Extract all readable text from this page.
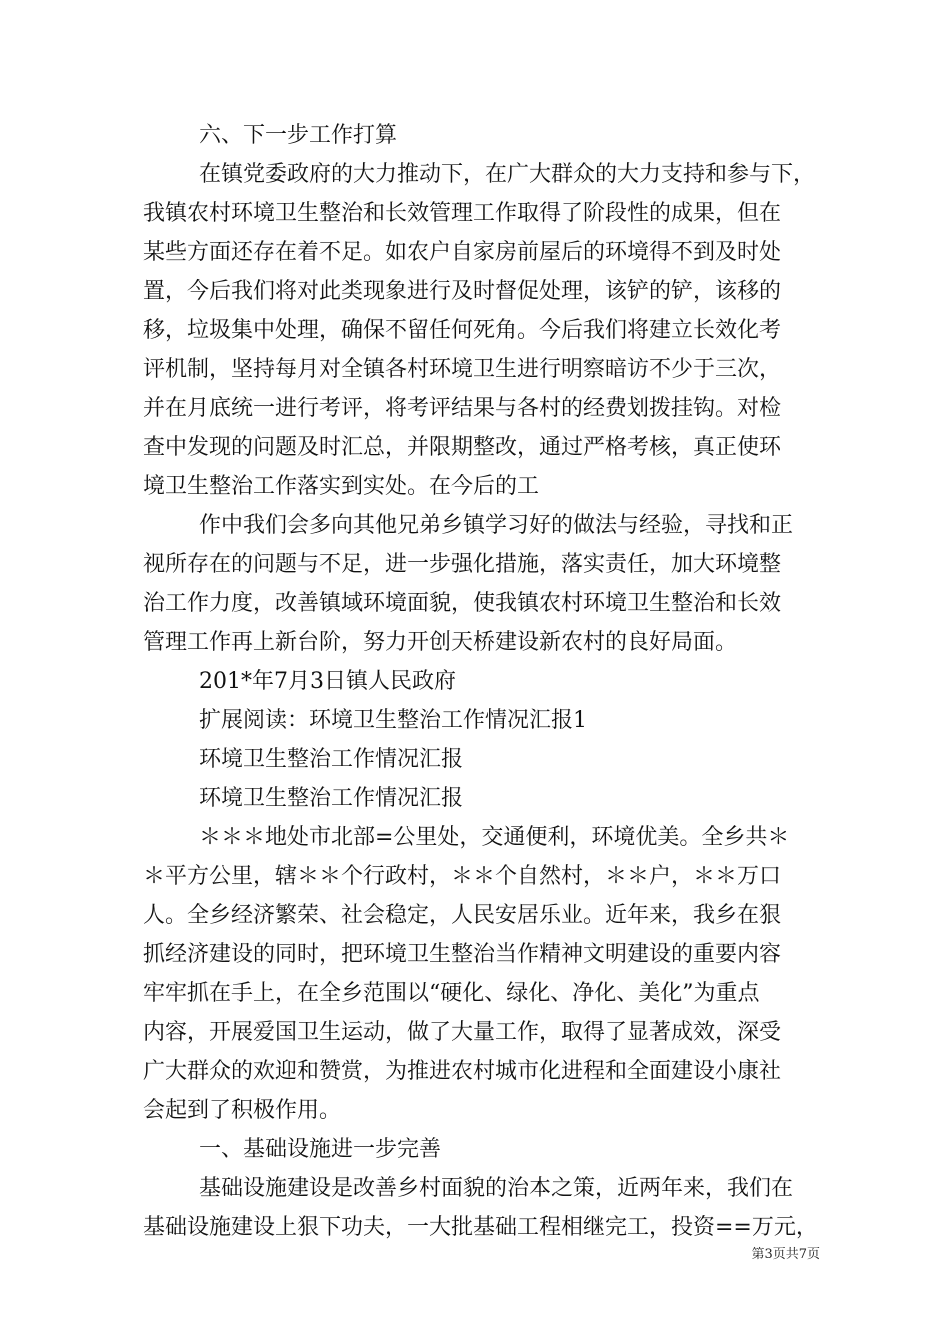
六、下一步工作打算
在镇党委政府的大力推动下，在广大群众的大力支持和参与下，
我镇农村环境卫生整治和长效管理工作取得了阶段性的成果，但在
某些方面还存在着不足。如农户自家房前屋后的环境得不到及时处
置，今后我们将对此类现象进行及时督促处理，该铲的铲，该移的
移，垃圾集中处理，确保不留任何死角。今后我们将建立长效化考
评机制，坚持每月对全镇各村环境卫生进行明察暗访不少于三次，
并在月底统一进行考评，将考评结果与各村的经费划拨挂钩。对检
查中发现的问题及时汇总，并限期整改，通过严格考核，真正使环
境卫生整治工作落实到实处。在今后的工
作中我们会多向其他兄弟乡镇学习好的做法与经验，寻找和正
视所存在的问题与不足，进一步强化措施，落实责任，加大环境整
治工作力度，改善镇域环境面貌，使我镇农村环境卫生整治和长效
管理工作再上新台阶，努力开创天桥建设新农村的良好局面。
201*年7月3日镇人民政府
扩展阅读：环境卫生整治工作情况汇报1
环境卫生整治工作情况汇报
环境卫生整治工作情况汇报
＊＊＊地处市北部=公里处，交通便利，环境优美。全乡共＊
＊平方公里，辖＊＊个行政村，＊＊个自然村，＊＊户，＊＊万口
人。全乡经济繁荣、社会稳定，人民安居乐业。近年来，我乡在狠
抓经济建设的同时，把环境卫生整治当作精神文明建设的重要内容
牢牢抓在手上，在全乡范围以“硬化、绿化、净化、美化”为重点
内容，开展爱国卫生运动，做了大量工作，取得了显著成效，深受
广大群众的欢迎和赞赏，为推进农村城市化进程和全面建设小康社
会起到了积极作用。
一、基础设施进一步完善
基础设施建设是改善乡村面貌的治本之策，近两年来，我们在
基础设施建设上狠下功夫，一大批基础工程相继完工，投资==万元，
第3页共7页
